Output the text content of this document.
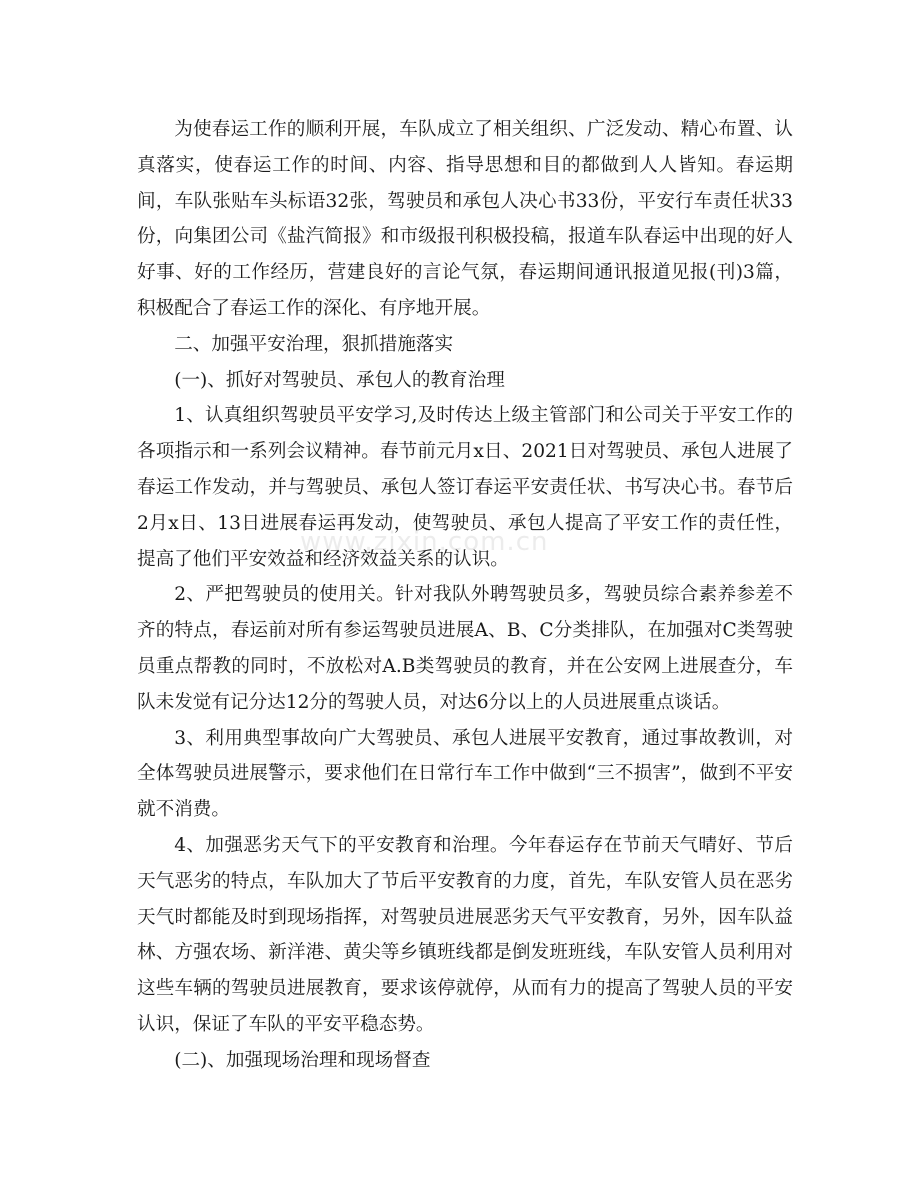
为使春运工作的顺利开展，车队成立了相关组织、广泛发动、精心布置、认真落实，使春运工作的时间、内容、指导思想和目的都做到人人皆知。春运期间，车队张贴车头标语32张，驾驶员和承包人决心书33份，平安行车责任状33份，向集团公司《盐汽简报》和市级报刊积极投稿，报道车队春运中出现的好人好事、好的工作经历，营建良好的言论气氛，春运期间通讯报道见报(刊)3篇，积极配合了春运工作的深化、有序地开展。

二、加强平安治理，狠抓措施落实

(一)、抓好对驾驶员、承包人的教育治理

1、认真组织驾驶员平安学习,及时传达上级主管部门和公司关于平安工作的各项指示和一系列会议精神。春节前元月x日、2021日对驾驶员、承包人进展了春运工作发动，并与驾驶员、承包人签订春运平安责任状、书写决心书。春节后2月x日、13日进展春运再发动，使驾驶员、承包人提高了平安工作的责任性，提高了他们平安效益和经济效益关系的认识。

2、严把驾驶员的使用关。针对我队外聘驾驶员多，驾驶员综合素养参差不齐的特点，春运前对所有参运驾驶员进展A、B、C分类排队，在加强对C类驾驶员重点帮教的同时，不放松对A.B类驾驶员的教育，并在公安网上进展查分，车队未发觉有记分达12分的驾驶人员，对达6分以上的人员进展重点谈话。

3、利用典型事故向广大驾驶员、承包人进展平安教育，通过事故教训，对全体驾驶员进展警示，要求他们在日常行车工作中做到“三不损害”，做到不平安就不消费。

4、加强恶劣天气下的平安教育和治理。今年春运存在节前天气晴好、节后天气恶劣的特点，车队加大了节后平安教育的力度，首先，车队安管人员在恶劣天气时都能及时到现场指挥，对驾驶员进展恶劣天气平安教育，另外，因车队益林、方强农场、新洋港、黄尖等乡镇班线都是倒发班班线，车队安管人员利用对这些车辆的驾驶员进展教育，要求该停就停，从而有力的提高了驾驶人员的平安认识，保证了车队的平安平稳态势。

(二)、加强现场治理和现场督查

www.zixin.com.cn
